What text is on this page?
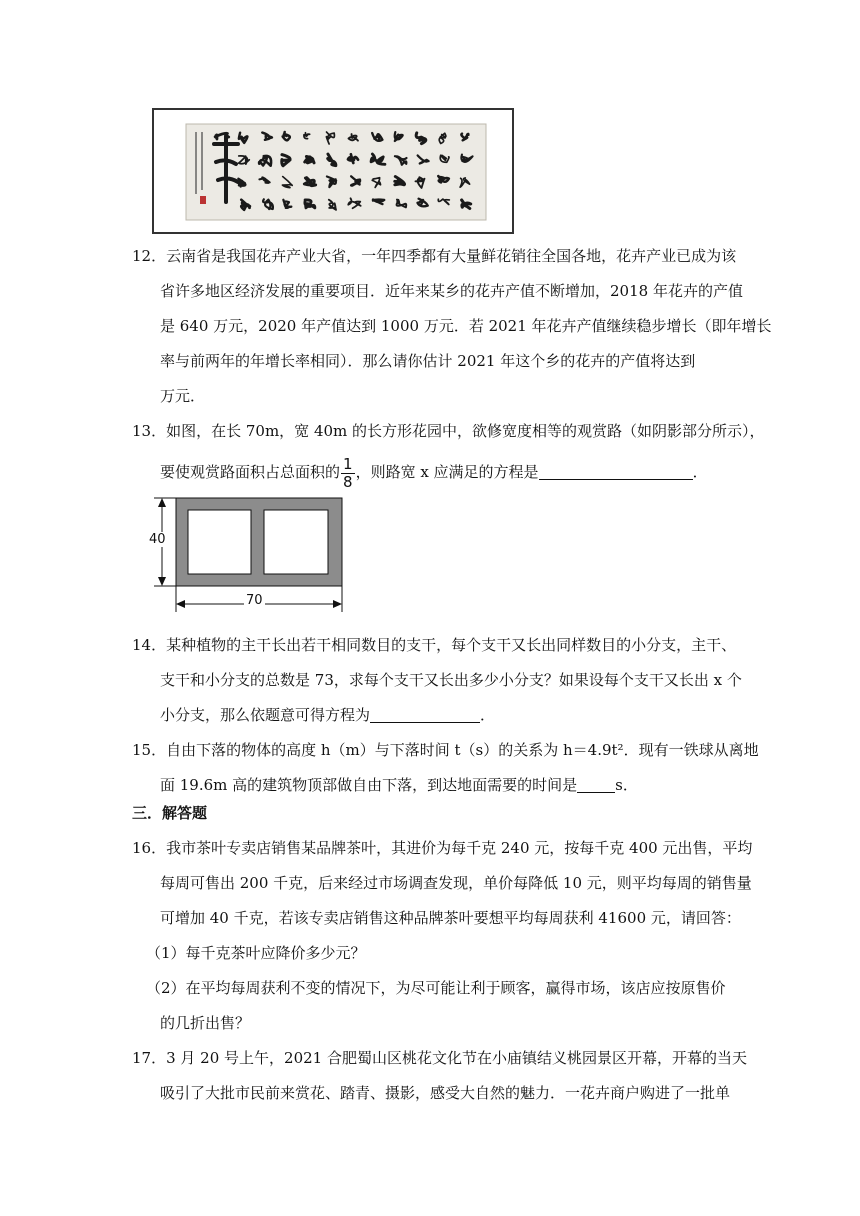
12．云南省是我国花卉产业大省，一年四季都有大量鲜花销往全国各地，花卉产业已成为该
省许多地区经济发展的重要项目．近年来某乡的花卉产值不断增加，2018 年花卉的产值
是 640 万元，2020 年产值达到 1000 万元．若 2021 年花卉产值继续稳步增长（即年增长
率与前两年的年增长率相同）．那么请你估计 2021 年这个乡的花卉的产值将达到
万元．
13．如图，在长 70m，宽 40m 的长方形花园中，欲修宽度相等的观赏路（如阴影部分所示），
要使观赏路面积占总面积的 $\frac{1}{8}$ ，则路宽 x 应满足的方程是	．
40
70
14．某种植物的主干长出若干相同数目的支干，每个支干又长出同样数目的小分支，主干、
支干和小分支的总数是 73，求每个支干又长出多少小分支？如果设每个支干又长出 x 个
小分支，那么依题意可得方程为	．
15．自由下落的物体的高度 h（m）与下落时间 t（s）的关系为 h＝4.9t²．现有一铁球从离地
面 19.6m 高的建筑物顶部做自由下落，到达地面需要的时间是	s．
三．解答题
16．我市茶叶专卖店销售某品牌茶叶，其进价为每千克 240 元，按每千克 400 元出售，平均
每周可售出 200 千克，后来经过市场调查发现，单价每降低 10 元，则平均每周的销售量
可增加 40 千克，若该专卖店销售这种品牌茶叶要想平均每周获利 41600 元，请回答：
（1）每千克茶叶应降价多少元？
（2）在平均每周获利不变的情况下，为尽可能让利于顾客，赢得市场，该店应按原售价
的几折出售？
17．3 月 20 号上午，2021 合肥蜀山区桃花文化节在小庙镇结义桃园景区开幕，开幕的当天
吸引了大批市民前来赏花、踏青、摄影，感受大自然的魅力．一花卉商户购进了一批单
